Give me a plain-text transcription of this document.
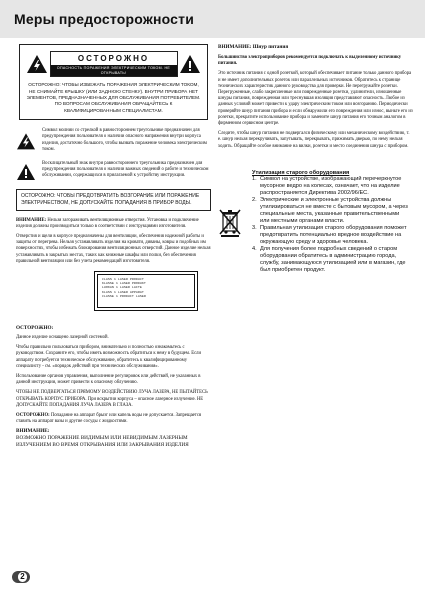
Меры предосторожности
ОСТОРОЖНО
ОПАСНОСТЬ ПОРАЖЕНИЯ ЭЛЕКТРИЧЕСКИМ ТОКОМ. НЕ ОТКРЫВАТЬ!
ОСТОРОЖНО: ЧТОБЫ ИЗБЕЖАТЬ ПОРАЖЕНИЯ ЭЛЕКТРИЧЕСКИМ ТОКОМ, НЕ СНИМАЙТЕ КРЫШКУ (ИЛИ ЗАДНЮЮ СТЕНКУ). ВНУТРИ ПРИБОРА НЕТ ЭЛЕМЕНТОВ, ПРЕДНАЗНАЧЕННЫХ ДЛЯ ОБСЛУЖИВАНИЯ ПОТРЕБИТЕЛЕМ. ПО ВОПРОСАМ ОБСЛУЖИВАНИЯ ОБРАЩАЙТЕСЬ К КВАЛИФИЦИРОВАННЫМ СПЕЦИАЛИСТАМ.
Символ молнии со стрелкой в равностороннем треугольнике предназначен для предупреждения пользователя о наличии опасного напряжения внутри корпуса изделия, достаточно большого, чтобы вызвать поражение человека электрическим током.
Восклицательный знак внутри равностороннего треугольника предназначен для предупреждения пользователя о наличии важных сведений о работе и техническом обслуживании, содержащихся в прилагаемой к устройству инструкции.
ОСТОРОЖНО: ЧТОБЫ ПРЕДОТВРАТИТЬ ВОЗГОРАНИЕ ИЛИ ПОРАЖЕНИЕ ЭЛЕКТРИЧЕСТВОМ, НЕ ДОПУСКАЙТЕ ПОПАДАНИЯ В ПРИБОР ВОДЫ.
ВНИМАНИЕ: Нельзя загораживать вентиляционные отверстия. Установка и подключение изделия должны производиться только в соответствии с инструкциями изготовителя.
Отверстия и щели в корпусе предназначены для вентиляции, обеспечения надежной работы и защиты от перегрева. Нельзя устанавливать изделия на кровати, диваны, ковры и подобных им поверхностях, чтобы избежать блокирования вентиляционных отверстий. Данное изделие нельзя устанавливать в закрытых местах, таких как книжные шкафы или полки, без обеспечения правильной вентиляции или без учета рекомендаций изготовителя.
CLASS 1 LASER PRODUCT
KLASSE 1 LASER PRODUKT
LUOKAN 1 LASER LAITE
KLASS 1 LASER APPARAT
CLASSE 1 PRODUIT LASER
ОСТОРОЖНО:
Данное изделие оснащено лазерной системой.
Чтобы правильно пользоваться прибором, внимательно и полностью ознакомьтесь с руководством. Сохраните его, чтобы иметь возможность обратиться к нему в будущем. Если аппарату потребуется техническое обслуживание, обратитесь к квалифицированному специалисту - см. «порядок действий при технических обслуживания».
Использование органов управления, выполнение регулировок или действий, не указанных в данной инструкции, может привести к опасному облучению.
ЧТОБЫ НЕ ПОДВЕРГАТЬСЯ ПРЯМОМУ ВОЗДЕЙСТВИЮ ЛУЧА ЛАЗЕРА, НЕ ПЫТАЙТЕСЬ ОТКРЫВАТЬ КОРПУС ПРИБОРА. При вскрытии корпуса – опасное лазерное излучение. НЕ ДОПУСКАЙТЕ ПОПАДАНИЯ ЛУЧА ЛАЗЕРА В ГЛАЗА.
ОСТОРОЖНО: Попадание на аппарат брызг или капель воды не допускается. Запрещается ставить на аппарат вазы и другие сосуды с жидкостями.
ВНИМАНИЕ:
ВОЗМОЖНО ПОРАЖЕНИЕ ВИДИМЫМ ИЛИ НЕВИДИМЫМ ЛАЗЕРНЫМ ИЗЛУЧЕНИЕМ ВО ВРЕМЯ ОТКРЫВАНИЯ ИЛИ ЗАКРЫВАНИЯ ИЗДЕЛИЯ
ВНИМАНИЕ: Шнур питания
Большинство электроприборов рекомендуется подключать к выделенному источнику питания.
Это источник питания с одной розеткой, который обеспечивает питание только данного прибора и не имеет дополнительных розеток или параллельных источников. Обратитесь к странице технических характеристик данного руководства для проверки. Не перегружайте розетки. Перегруженные, слабо закрепленные или поврежденные розетки, удлинители, изношенные шнуры питания, поврежденная или треснувшая изоляция представляют опасность. Любое из данных условий может привести к удару электрическим током или возгоранию. Периодически проверяйте шнур питания прибора и если обнаружили его повреждения или износ, выньте его из розетки, прекратите использование прибора и замените шнур питания его точным аналогом в фирменном сервисном центре.
Следите, чтобы шнур питания не подвергался физическому или механическому воздействию, т. е. шнур нельзя перекручивать, запутывать, перекрывать, прижимать дверью, по нему нельзя ходить. Обращайте особое внимание на вилки, розетки и место соединения шнура с прибором.
Утилизация старого оборудования
1. Символ на устройстве, изображающий перечеркнутое мусорное ведро на колесах, означает, что на изделие распространяется Директива 2002/96/EC.
2. Электрические и электронные устройства должны утилизироваться не вместе с бытовым мусором, а через специальные места, указанные правительственными или местными органами власти.
3. Правильная утилизация старого оборудования поможет предотвратить потенциально вредное воздействие на окружающую среду и здоровье человека.
4. Для получения более подробных сведений о старом оборудовании обратитесь в администрацию города, службу, занимающуюся утилизацией или в магазин, где был приобретен продукт.
2
